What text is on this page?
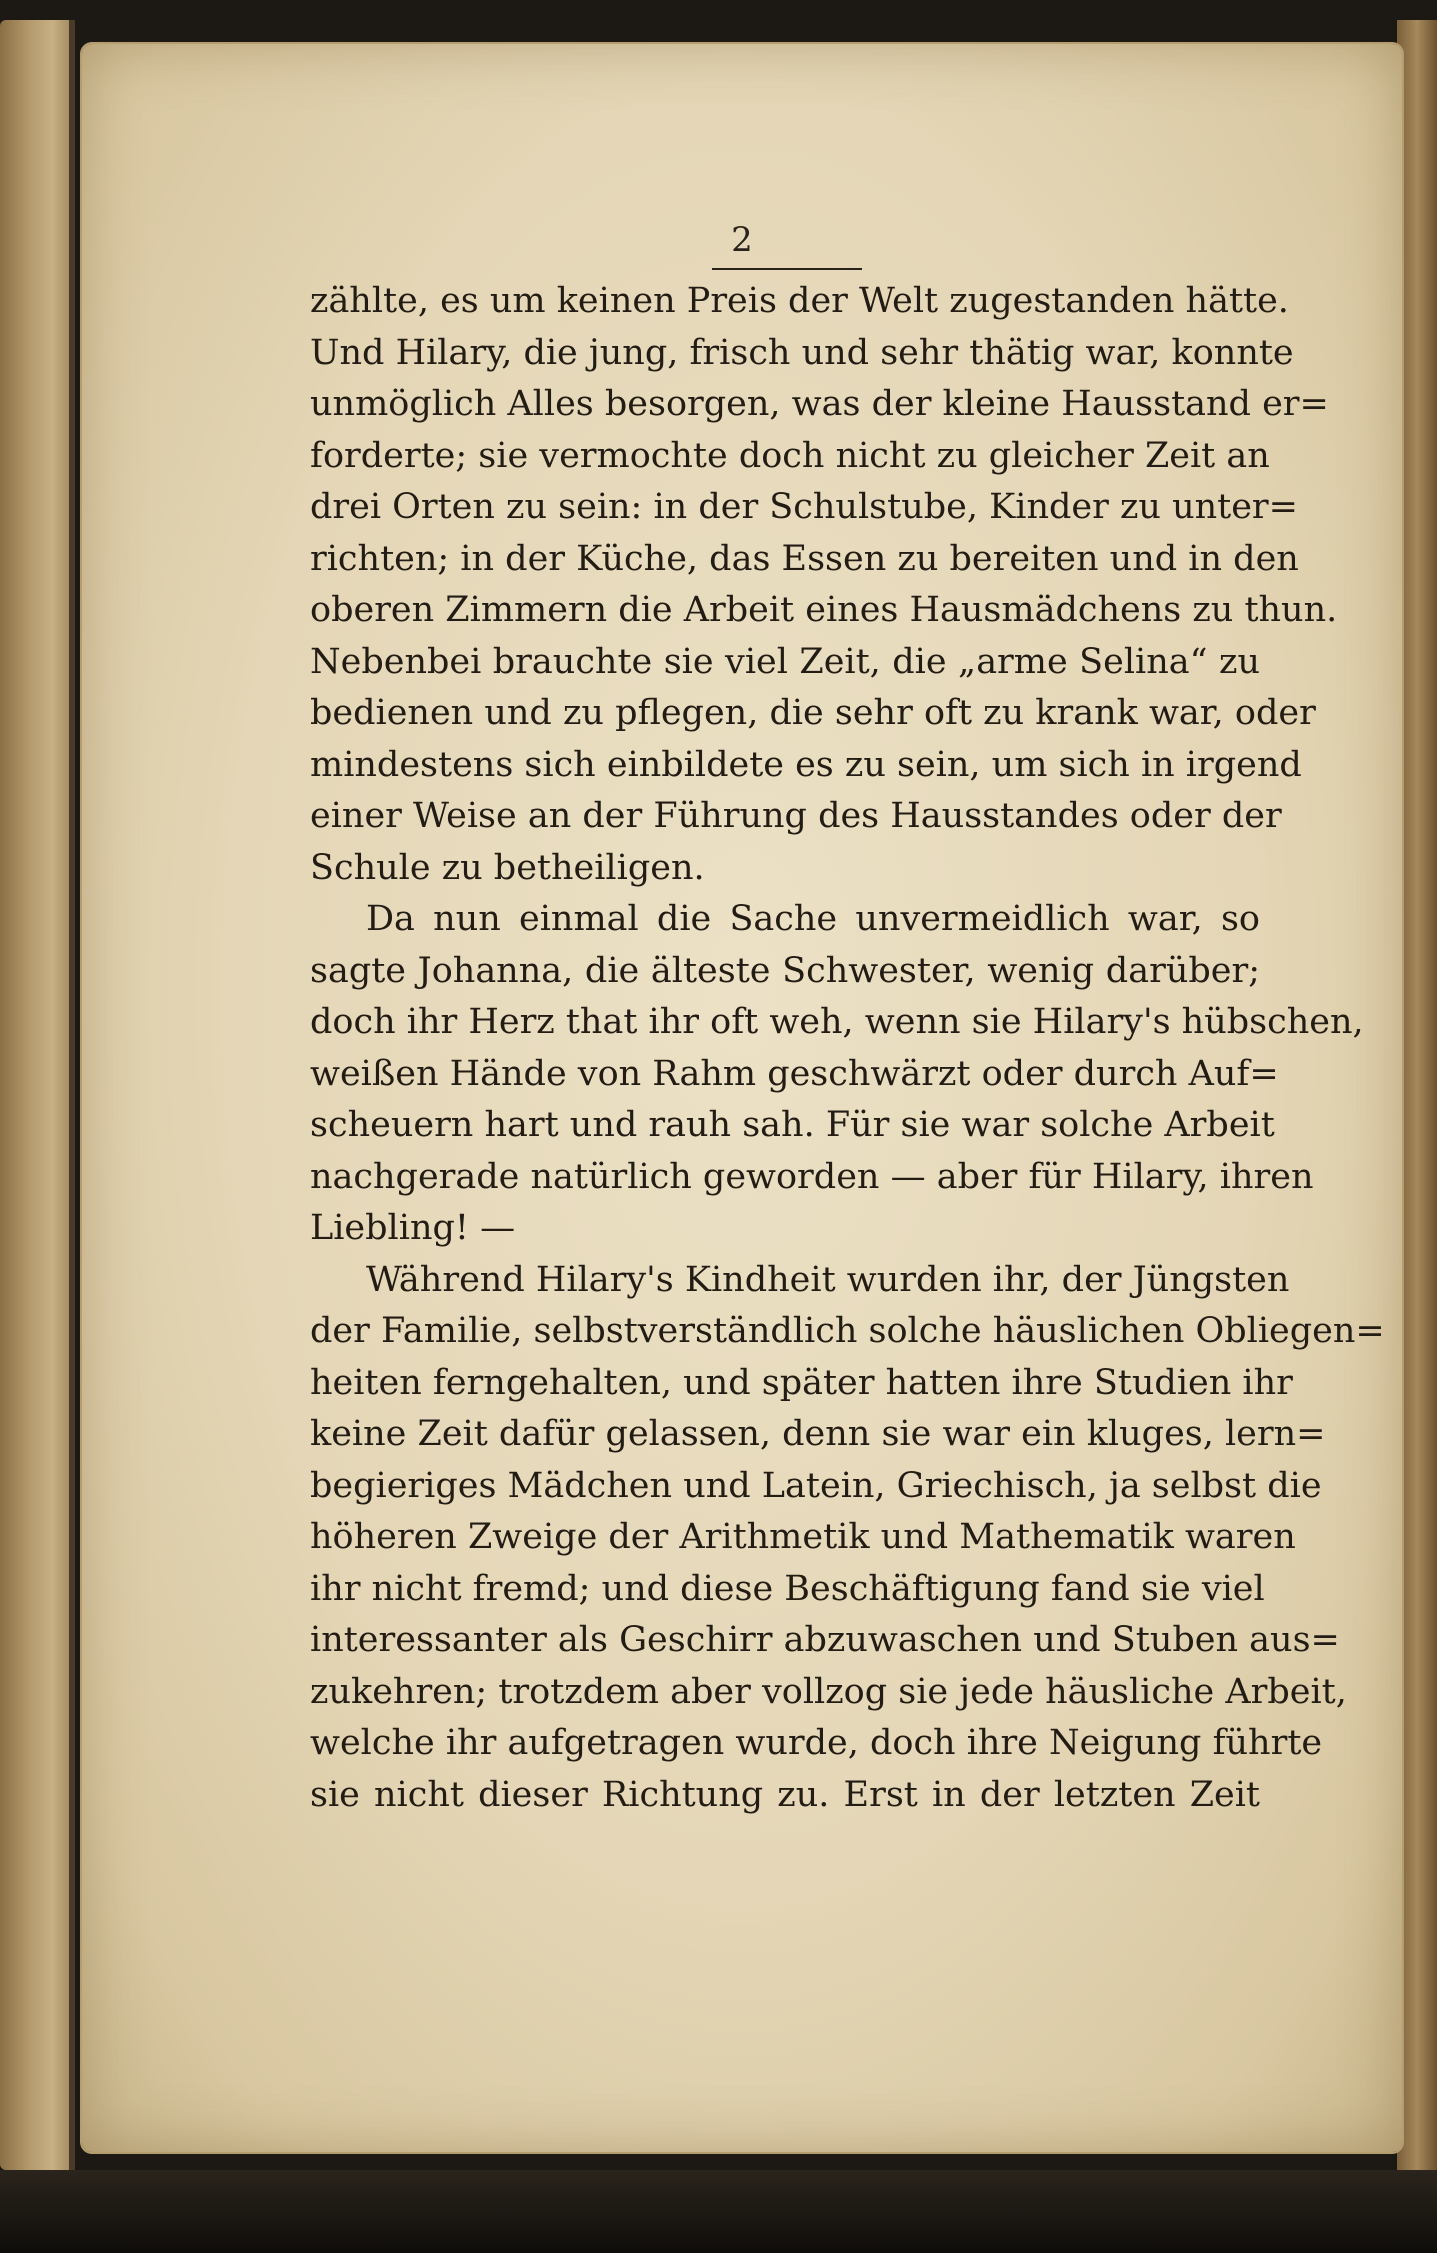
2
zählte, es um keinen Preis der Welt zugestanden hätte.
Und Hilary, die jung, frisch und sehr thätig war, konnte
unmöglich Alles besorgen, was der kleine Hausstand er=
forderte; sie vermochte doch nicht zu gleicher Zeit an
drei Orten zu sein: in der Schulstube, Kinder zu unter=
richten; in der Küche, das Essen zu bereiten und in den
oberen Zimmern die Arbeit eines Hausmädchens zu thun.
Nebenbei brauchte sie viel Zeit, die „arme Selina“ zu
bedienen und zu pflegen, die sehr oft zu krank war, oder
mindestens sich einbildete es zu sein, um sich in irgend
einer Weise an der Führung des Hausstandes oder der
Schule zu betheiligen.
Da nun einmal die Sache unvermeidlich war, so
sagte Johanna, die älteste Schwester, wenig darüber;
doch ihr Herz that ihr oft weh, wenn sie Hilary's hübschen,
weißen Hände von Rahm geschwärzt oder durch Auf=
scheuern hart und rauh sah. Für sie war solche Arbeit
nachgerade natürlich geworden — aber für Hilary, ihren
Liebling! —
Während Hilary's Kindheit wurden ihr, der Jüngsten
der Familie, selbstverständlich solche häuslichen Obliegen=
heiten ferngehalten, und später hatten ihre Studien ihr
keine Zeit dafür gelassen, denn sie war ein kluges, lern=
begieriges Mädchen und Latein, Griechisch, ja selbst die
höheren Zweige der Arithmetik und Mathematik waren
ihr nicht fremd; und diese Beschäftigung fand sie viel
interessanter als Geschirr abzuwaschen und Stuben aus=
zukehren; trotzdem aber vollzog sie jede häusliche Arbeit,
welche ihr aufgetragen wurde, doch ihre Neigung führte
sie nicht dieser Richtung zu. Erst in der letzten Zeit
